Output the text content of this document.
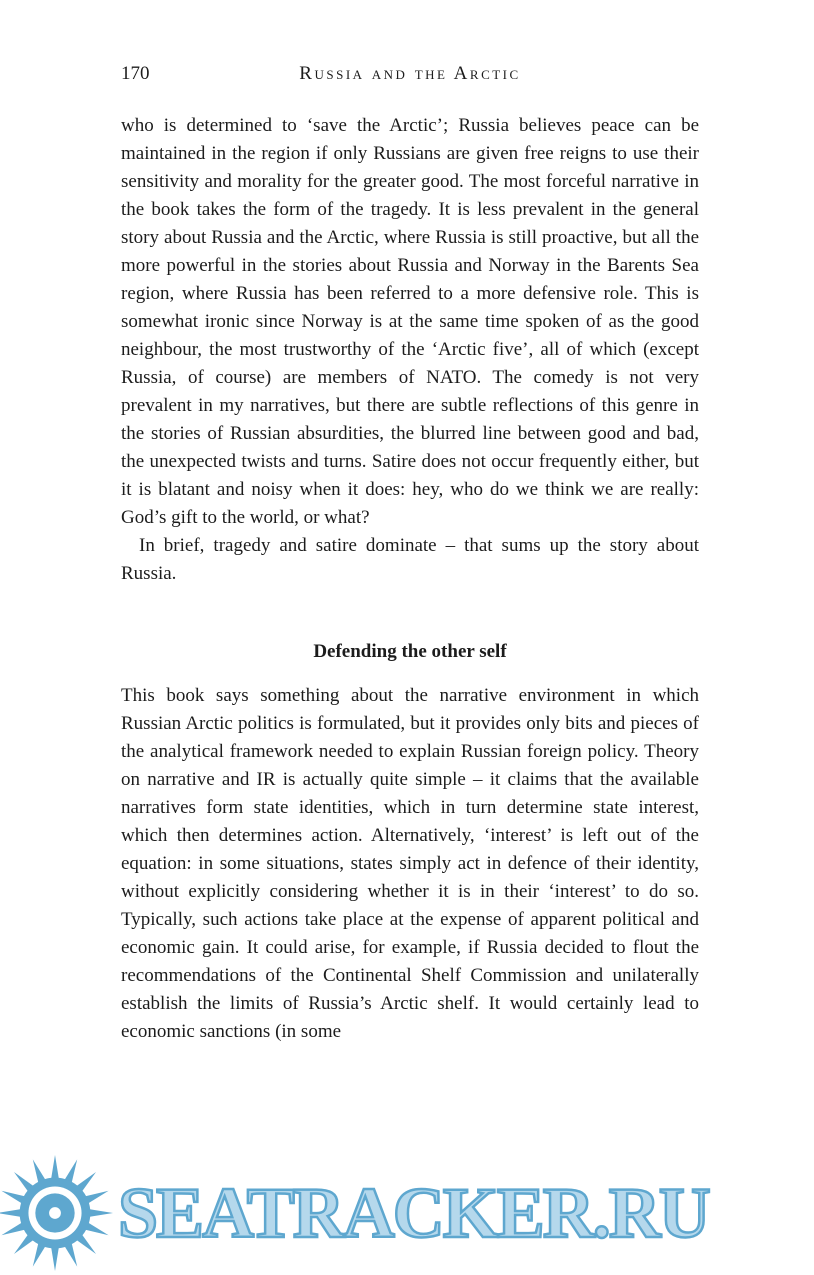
170	Russia and the Arctic

who is determined to ‘save the Arctic’; Russia believes peace can be maintained in the region if only Russians are given free reigns to use their sensitivity and morality for the greater good. The most forceful narrative in the book takes the form of the tragedy. It is less prevalent in the general story about Russia and the Arctic, where Russia is still proactive, but all the more powerful in the stories about Russia and Norway in the Barents Sea region, where Russia has been referred to a more defensive role. This is somewhat ironic since Norway is at the same time spoken of as the good neighbour, the most trustworthy of the ‘Arctic five’, all of which (except Russia, of course) are members of NATO. The comedy is not very prevalent in my narratives, but there are subtle reflections of this genre in the stories of Russian absurdities, the blurred line between good and bad, the unexpected twists and turns. Satire does not occur frequently either, but it is blatant and noisy when it does: hey, who do we think we are really: God’s gift to the world, or what?

In brief, tragedy and satire dominate – that sums up the story about Russia.

Defending the other self

This book says something about the narrative environment in which Russian Arctic politics is formulated, but it provides only bits and pieces of the analytical framework needed to explain Russian foreign policy. Theory on narrative and IR is actually quite simple – it claims that the available narratives form state identities, which in turn determine state interest, which then determines action. Alternatively, ‘interest’ is left out of the equation: in some situations, states simply act in defence of their identity, without explicitly considering whether it is in their ‘interest’ to do so. Typically, such actions take place at the expense of apparent political and economic gain. It could arise, for example, if Russia decided to flout the recommendations of the Continental Shelf Commission and unilaterally establish the limits of Russia’s Arctic shelf. It would certainly lead to economic sanctions (in some

SEATRACKER.RU
